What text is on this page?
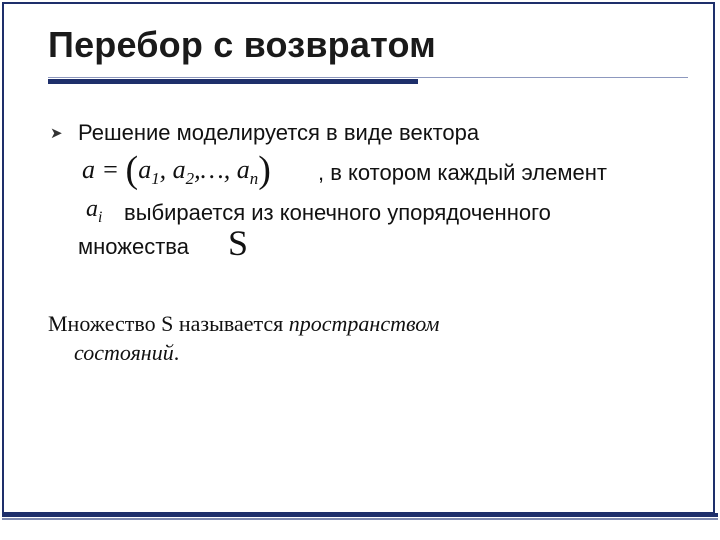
Перебор с возвратом
➤ Решение моделируется в виде вектора
$a = (a_1$, $a_2,\dots$, $a_n$) , в котором каждый элемент
$a_i$ выбирается из конечного упорядоченного
множества S
Множество S называется пространством
состояний.
